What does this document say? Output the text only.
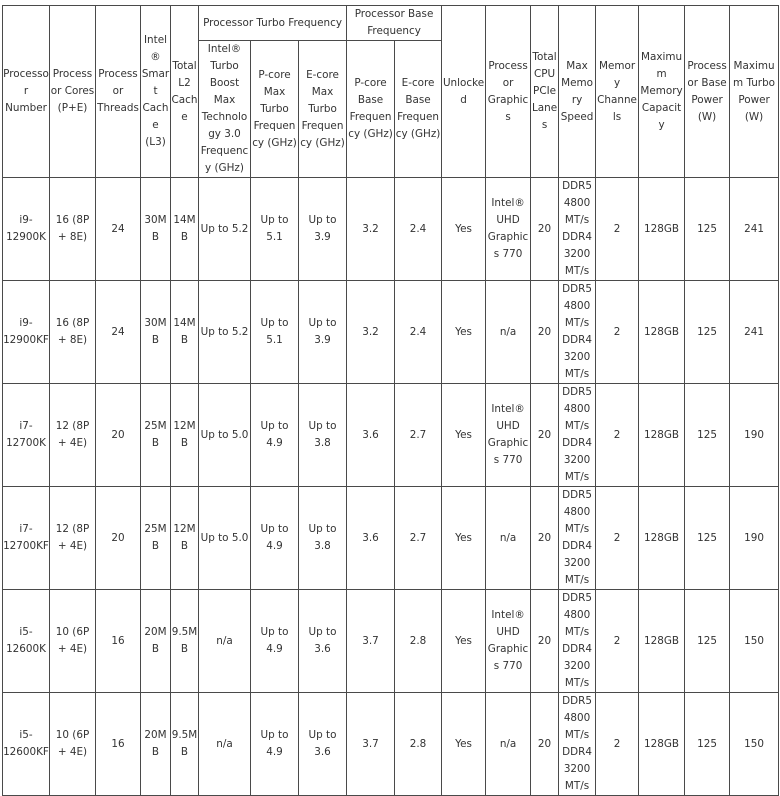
Processor Number	Processor Cores (P+E)	Processor Threads	Intel® Smart Cache (L3)	Total L2 Cache	Processor Turbo Frequency			Processor Base Frequency		Unlocked	Processor Graphics	Total CPU PCIe Lanes	Max Memory Speed	Memory Channels	Maximum Memory Capacity	Processor Base Power (W)	Maximum Turbo Power (W)
					Intel® Turbo Boost Max Technology 3.0 Frequency (GHz)	P-core Max Turbo Frequency (GHz)	E-core Max Turbo Frequency (GHz)	P-core Base Frequency (GHz)	E-core Base Frequency (GHz)								
i9-12900K	16 (8P + 8E)	24	30MB	14MB	Up to 5.2	Up to 5.1	Up to 3.9	3.2	2.4	Yes	Intel® UHD Graphics 770	20	DDR5 4800 MT/s DDR4 3200 MT/s	2	128GB	125	241
i9-12900KF	16 (8P + 8E)	24	30MB	14MB	Up to 5.2	Up to 5.1	Up to 3.9	3.2	2.4	Yes	n/a	20	DDR5 4800 MT/s DDR4 3200 MT/s	2	128GB	125	241
i7-12700K	12 (8P + 4E)	20	25MB	12MB	Up to 5.0	Up to 4.9	Up to 3.8	3.6	2.7	Yes	Intel® UHD Graphics 770	20	DDR5 4800 MT/s DDR4 3200 MT/s	2	128GB	125	190
i7-12700KF	12 (8P + 4E)	20	25MB	12MB	Up to 5.0	Up to 4.9	Up to 3.8	3.6	2.7	Yes	n/a	20	DDR5 4800 MT/s DDR4 3200 MT/s	2	128GB	125	190
i5-12600K	10 (6P + 4E)	16	20MB	9.5MB	n/a	Up to 4.9	Up to 3.6	3.7	2.8	Yes	Intel® UHD Graphics 770	20	DDR5 4800 MT/s DDR4 3200 MT/s	2	128GB	125	150
i5-12600KF	10 (6P + 4E)	16	20MB	9.5MB	n/a	Up to 4.9	Up to 3.6	3.7	2.8	Yes	n/a	20	DDR5 4800 MT/s DDR4 3200 MT/s	2	128GB	125	150
